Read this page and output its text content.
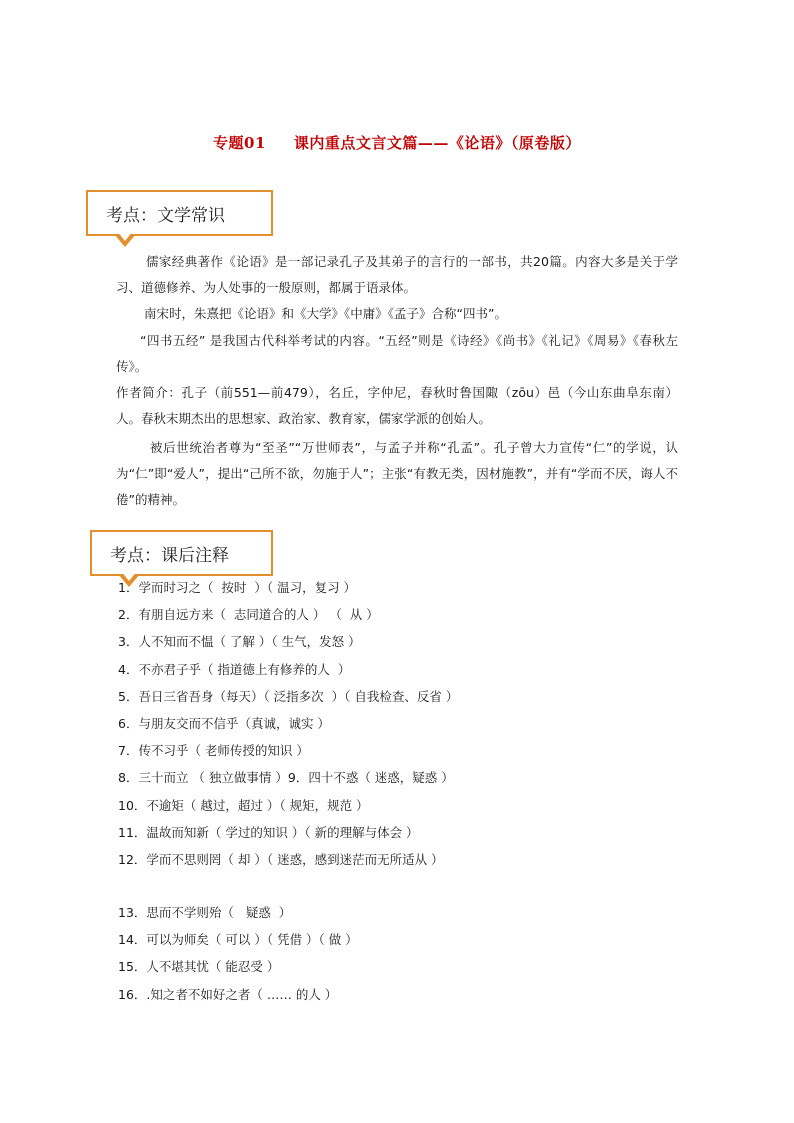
专题01 课内重点文言文篇——《论语》（原卷版）
考点：文学常识

儒家经典著作《论语》是一部记录孔子及其弟子的言行的一部书，共20篇。内容大多是关于学习、道德修养、为人处事的一般原则，都属于语录体。

南宋时，朱熹把《论语》和《大学》《中庸》《孟子》合称“四书”。

“四书五经” 是我国古代科举考试的内容。“五经”则是《诗经》《尚书》《礼记》《周易》《春秋左传》。

作者简介：孔子（前551—前479），名丘，字仲尼，春秋时鲁国陬（zōu）邑（今山东曲阜东南）人。春秋末期杰出的思想家、政治家、教育家，儒家学派的创始人。

被后世统治者尊为“至圣”“万世师表”，与孟子并称“孔孟”。孔子曾大力宣传“仁”的学说，认为“仁”即“爱人”，提出“己所不欲，勿施于人”；主张“有教无类，因材施教”，并有“学而不厌，诲人不倦”的精神。

考点：课后注释
1．学而时习之（  按时  ）（ 温习，复习 ）
2．有朋自远方来（  志同道合的人 ） （  从 ）
3．人不知而不愠（ 了解 ）（ 生气，发怒 ）
4．不亦君子乎（ 指道德上有修养的人  ）
5．吾日三省吾身（每天）（ 泛指多次  ）（ 自我检查、反省 ）
6．与朋友交而不信乎（真诚，诚实 ）
7．传不习乎（ 老师传授的知识 ）
8．三十而立 （ 独立做事情 ）9．四十不惑（ 迷惑，疑惑 ）
10．不逾矩（ 越过，超过 ）（ 规矩，规范 ）
11．温故而知新（ 学过的知识 ）（ 新的理解与体会 ）
12．学而不思则罔（ 却 ）（ 迷惑，感到迷茫而无所适从 ）
13．思而不学则殆（   疑惑  ）
14．可以为师矣（ 可以 ）（ 凭借 ）（ 做 ）
15．人不堪其忧（ 能忍受 ）
16．.知之者不如好之者（ …… 的人 ）
